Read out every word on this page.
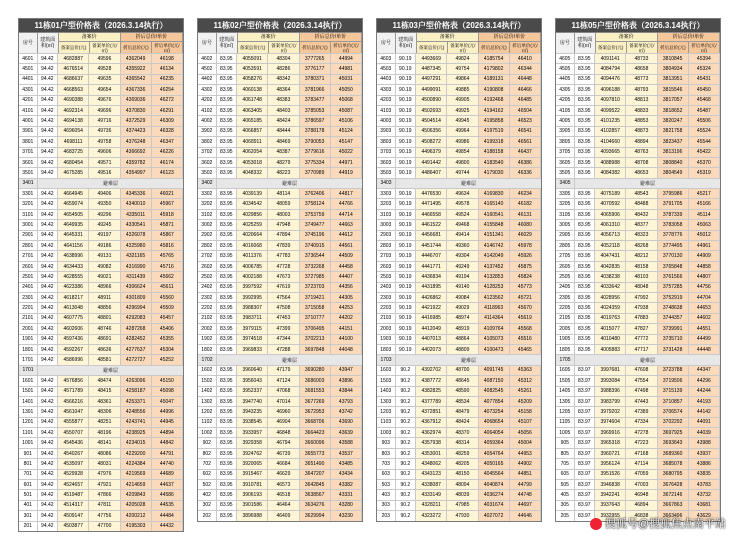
11栋01户型价格表（2026.3.14执行）
房号	建筑面积(㎡)
备案价
备案总价(元)	备案单价(元/㎡)
折后总价/单价
折后总价(元)	折后单价(元/㎡)
4601	94.42	4682887	49596	4362049	46198
4501	94.42	4676514	49528	4355922	46134
4401	94.42	4686637	49635	4365542	46235
4301	94.42	4668563	49654	4367336	46254
4201	94.42	4690388	49676	4369036	46272
4101	94.42	4692314	49696	4370830	46291
4001	94.42	4694138	49716	4372529	46309
3901	94.42	4696054	49736	4374423	46328
3801	94.42	4698111	49758	4376248	46347
3701	94.42	4683725	49606	4366692	46226
3601	94.42	4680454	49571	4359782	46174
3501	94.42	4675285	49516	4354997	46123
3401	避难层
3301	94.42	4664945	49406	4345336	46021
3201	94.42	4659074	49350	4340010	45967
3101	94.42	4654505	49296	4335011	45918
3001	94.42	4649935	49245	4330541	45871
2901	94.42	4645331	49197	4326078	45867
2801	94.42	4641156	49186	4325980	45816
2701	94.42	4638996	49131	4321165	45765
2601	94.42	4634433	49082	4316990	45716
2501	94.42	4628555	49021	4311439	45662
2401	94.42	4623386	48966	4306624	45611
2301	94.42	4618217	48911	4301809	45560
2201	94.42	4613048	48856	4296994	45509
2101	94.42	4607775	48801	4292083	45457
2001	94.42	4602606	48746	4287268	45406
1901	94.42	4597436	48691	4282452	45355
1801	94.42	4592267	48636	4277637	45304
1701	94.42	4586996	48581	4272727	45252
1701	避难层
1601	94.42	4576856	48474	4263096	45150
1501	94.42	4571789	48415	4258187	45098
1401	94.42	4566216	48361	4253371	45047
1301	94.42	4561047	48306	4248556	44996
1201	94.42	4555877	48251	4243741	44945
1101	94.42	4550707	48196	4238925	44894
1001	94.42	4545436	48141	4234015	44842
901	94.42	4540267	48086	4229200	44791
801	94.42	4535097	48031	4224384	44740
701	94.42	4529928	47976	4219569	44689
601	94.42	4524657	47921	4214659	44637
501	94.42	4519487	47866	4209843	44586
401	94.42	4514317	47811	4205028	44535
301	94.42	4509147	47756	4200212	44484
201	94.42	4503877	47700	4195303	44432
11栋02户型价格表（2026.3.14执行）
房号	建筑面积(㎡)
备案价
备案总价(元)	备案单价(元/㎡)
折后总价/单价
折后总价(元)	折后单价(元/㎡)
4602	83.95	4055091	48304	3777265	44994
4502	83.95	4053591	48286	3776177	44981
4402	83.95	4058276	48342	3780371	45031
4302	83.95	4060138	48364	3781966	45050
4202	83.95	4061748	48383	3783477	45068
4102	83.95	4063405	48403	3785053	45087
4002	83.95	4065185	48424	3786597	45106
3902	83.95	4066857	48444	3788178	45124
3802	83.95	4068911	48469	3790053	45147
3702	83.95	4062054	48387	3779616	45022
3602	83.95	4053018	48279	3775334	44971
3502	83.95	4048332	48223	3770989	44919
3402	避难层
3302	83.95	4039139	48114	3762406	44817
3202	83.95	4034542	48059	3758124	44766
3102	83.95	4029856	48003	3753759	44714
3002	83.95	4025259	47948	3749477	44663
2902	83.95	4020664	47894	3745196	44612
2802	83.95	4016068	47839	3740915	44561
2702	83.95	4011376	47783	3736544	44509
2602	83.95	4006785	47728	3732268	44458
2502	83.95	4002188	47673	3727985	44407
2402	83.95	3997592	47619	3723703	44356
2302	83.95	3992995	47564	3719421	44305
2202	83.95	3988307	47508	3715058	44253
2102	83.95	3983711	47453	3710777	44202
2002	83.95	3979115	47399	3706495	44151
1902	83.95	3974518	47344	3702213	44100
1802	83.95	3969833	47288	3697848	44048
1702	避难层
1602	83.95	3960640	47179	3690280	43947
1502	83.95	3956043	47124	3686003	43896
1402	83.95	3952337	47068	3681553	43844
1302	83.95	3947740	47014	3677269	43793
1202	83.95	3943235	46960	3672953	43742
1102	83.95	3938545	46904	3668706	43690
1002	83.95	3933957	46848	3664423	43639
902	83.95	3929358	46794	3660096	43588
802	83.95	3924762	46739	3655773	43537
702	83.95	3920065	46684	3651490	43485
602	83.95	3915467	46629	3647207	43434
502	83.95	3910781	46573	3642845	43382
402	83.95	3906193	46518	3638567	43331
302	83.95	3901586	46464	3634276	43280
202	83.95	3896988	46409	3629994	43230
11栋03户型价格表（2026.3.14执行）
房号	建筑面积(㎡)
备案价
备案总价(元)	备案单价(元/㎡)
折后总价/单价
折后总价(元)	折后单价(元/㎡)
4603	90.19	4493669	49824	4185754	46410
4503	90.19	4487345	49754	4179802	46344
4403	90.19	4497291	49864	4189131	46448
4303	90.19	4499091	49885	4190808	46466
4203	90.19	4500890	49905	4192468	46485
4103	90.19	4502693	49925	4194162	46504
4003	90.19	4504514	49945	4195858	46523
3903	90.19	4506356	49964	4197519	46541
3803	90.19	4508272	49986	4199318	46561
3703	90.19	4496379	49854	4188158	46437
3603	90.19	4491442	49800	4183540	46386
3503	90.19	4486407	49744	4179030	46336
3403	避难层
3303	90.19	4476530	49634	4169830	46234
3203	90.19	4471495	49578	4165140	46182
3103	90.19	4466558	49524	4160541	46131
3003	90.19	4461522	49468	4155848	46080
2903	90.19	4456681	49414	4151341	46029
2803	90.19	4451744	49360	4146742	45978
2703	90.19	4446707	49304	4142049	45926
2603	90.19	4441771	49249	4137452	45875
2503	90.19	4436834	49194	4132853	45824
2403	90.19	4431895	49140	4128253	45773
2303	90.19	4426862	49084	4123562	45721
2203	90.19	4421922	49029	4118963	45670
2103	90.19	4416985	48974	4114364	45619
2003	90.19	4412049	48919	4109764	45568
1903	90.19	4407013	48864	4105073	45516
1803	90.19	4402073	48809	4100473	45465
1703	避难层
1603	90.2	4392702	48700	4091745	45363
1503	90.2	4387772	48645	4087150	45312
1403	90.2	4382825	48590	4082545	45261
1303	90.2	4377789	48534	4077854	45209
1203	90.2	4372851	48479	4073254	45158
1103	90.2	4367912	48424	4068654	45107
1003	90.2	4362974	48370	4064054	45056
903	90.2	4357938	48314	4059364	45004
803	90.2	4353001	48259	4054764	44953
703	90.2	4348062	48205	4050165	44902
603	90.2	4343123	48150	4045564	44851
503	90.2	4338087	48094	4040874	44799
403	90.2	4333149	48039	4036274	44748
303	90.2	4328211	47985	4031674	44697
203	90.2	4323272	47930	4027072	44646
11栋05户型价格表（2026.3.14执行）
房号	建筑面积(㎡)
备案价
备案总价(元)	备案单价(元/㎡)
折后总价/单价
折后总价(元)	折后单价(元/㎡)
4605	83.95	4091141	48733	3810845	45394
4505	83.95	4084794	48658	3804934	45324
4405	83.95	4094476	48773	3813951	45431
4305	83.95	4096188	48793	3815546	45450
4205	83.95	4097810	48813	3817057	45468
4105	83.95	4099522	48833	3818652	45487
4005	83.95	4101235	48853	3820247	45506
3905	83.95	4102857	48873	3821758	45524
3805	83.95	4104660	48894	3823437	45544
3705	83.95	4093665	48763	3813196	45422
3605	83.95	4088988	48708	3808840	45370
3505	83.95	4084382	48653	3804549	45319
3405	避难层
3305	83.95	4075189	48543	3795986	45217
3205	83.95	4070592	48488	3791705	45166
3105	83.95	4065906	48432	3787339	45114
3005	83.95	4061310	48377	3783058	45063
2905	83.95	4056713	48323	3778776	45012
2805	83.95	4052118	48268	3774495	44961
2705	83.95	4047431	48212	3770130	44909
2605	83.95	4042835	48158	3765848	44858
2505	83.95	4038238	48103	3761566	44807
2405	83.95	4033642	48048	3757285	44756
2305	83.95	4028956	47992	3752919	44704
2205	83.95	4024359	47938	3748638	44653
2105	83.95	4019763	47883	3744357	44602
2005	83.95	4015077	47827	3739991	44551
1905	83.95	4010480	47772	3735710	44499
1805	83.95	4005883	47717	3731428	44448
1705	避难层
1605	83.97	3997681	47608	3723788	44347
1505	83.97	3993084	47554	3719506	44296
1405	83.97	3988396	47498	3715139	44244
1305	83.97	3983799	47443	3710857	44193
1205	83.97	3979202	47389	3706574	44142
1105	83.97	3974604	47334	3702292	44091
1005	83.97	3969916	47278	3697925	44039
905	83.97	3965318	47223	3693643	43988
805	83.97	3960721	47168	3689360	43937
705	83.97	3956124	47114	3685078	43886
605	83.97	3951526	47059	3680795	43835
505	83.97	3946838	47003	3676428	43783
405	83.97	3942241	46948	3672146	43732
305	83.97	3937643	46894	3667863	43681
205	83.97	3932955	46838	3663496	43629
搜狐号@搜狐焦点南平站
